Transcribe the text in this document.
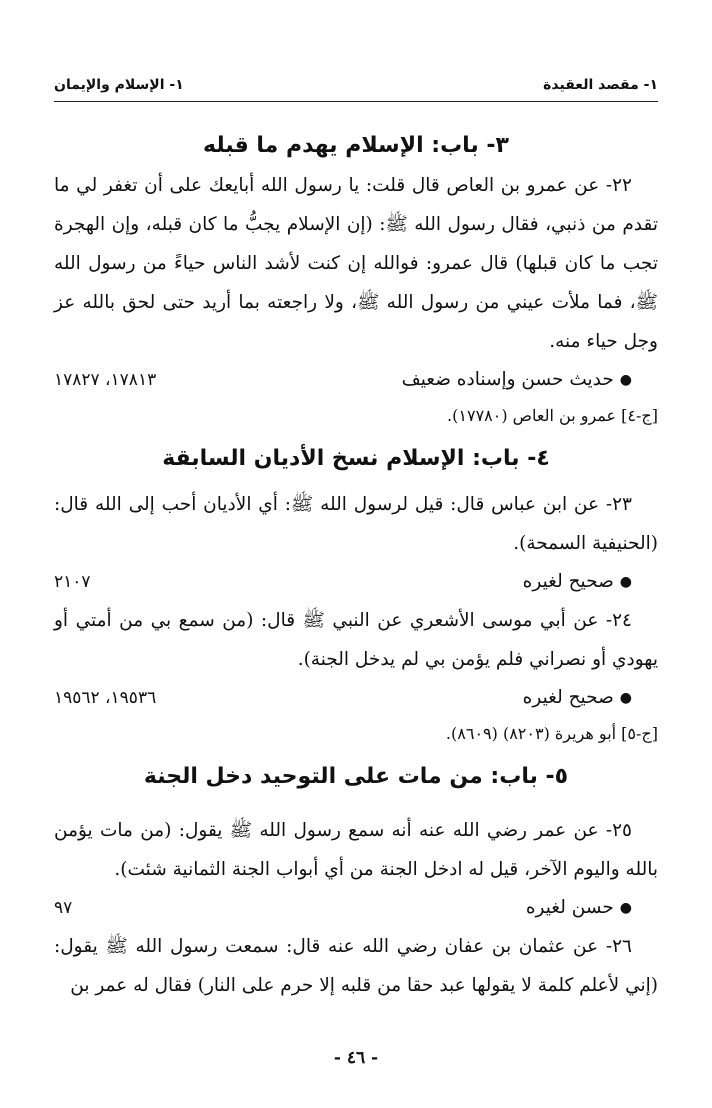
١- مقصد العقيدة
١- الإسلام والإيمان
٣- باب: الإسلام يهدم ما قبله

٢٢- عن عمرو بن العاص قال قلت: يا رسول الله أبايعك على أن تغفر لي ما تقدم من ذنبي، فقال رسول الله ﷺ: (إن الإسلام يجبُّ ما كان قبله، وإن الهجرة تجب ما كان قبلها) قال عمرو: فوالله إن كنت لأشد الناس حياءً من رسول الله ﷺ، فما ملأت عيني من رسول الله ﷺ، ولا راجعته بما أريد حتى لحق بالله عز وجل حياء منه.

●حديث حسن وإسناده ضعيف
١٧٨١٣، ١٧٨٢٧
[ج-٤] عمرو بن العاص (١٧٧٨٠).
٤- باب: الإسلام نسخ الأديان السابقة

٢٣- عن ابن عباس قال: قيل لرسول الله ﷺ: أي الأديان أحب إلى الله قال: (الحنيفية السمحة).

●صحيح لغيره
٢١٠٧

٢٤- عن أبي موسى الأشعري عن النبي ﷺ قال: (من سمع بي من أمتي أو يهودي أو نصراني فلم يؤمن بي لم يدخل الجنة).

●صحيح لغيره
١٩٥٣٦، ١٩٥٦٢
[ج-٥] أبو هريرة (٨٢٠٣) (٨٦٠٩).
٥- باب: من مات على التوحيد دخل الجنة

٢٥- عن عمر رضي الله عنه أنه سمع رسول الله ﷺ يقول: (من مات يؤمن بالله واليوم الآخر، قيل له ادخل الجنة من أي أبواب الجنة الثمانية شئت).

●حسن لغيره
٩٧

٢٦- عن عثمان بن عفان رضي الله عنه قال: سمعت رسول الله ﷺ يقول: (إني لأعلم كلمة لا يقولها عبد حقا من قلبه إلا حرم على النار) فقال له عمر بن

- ٤٦ -
